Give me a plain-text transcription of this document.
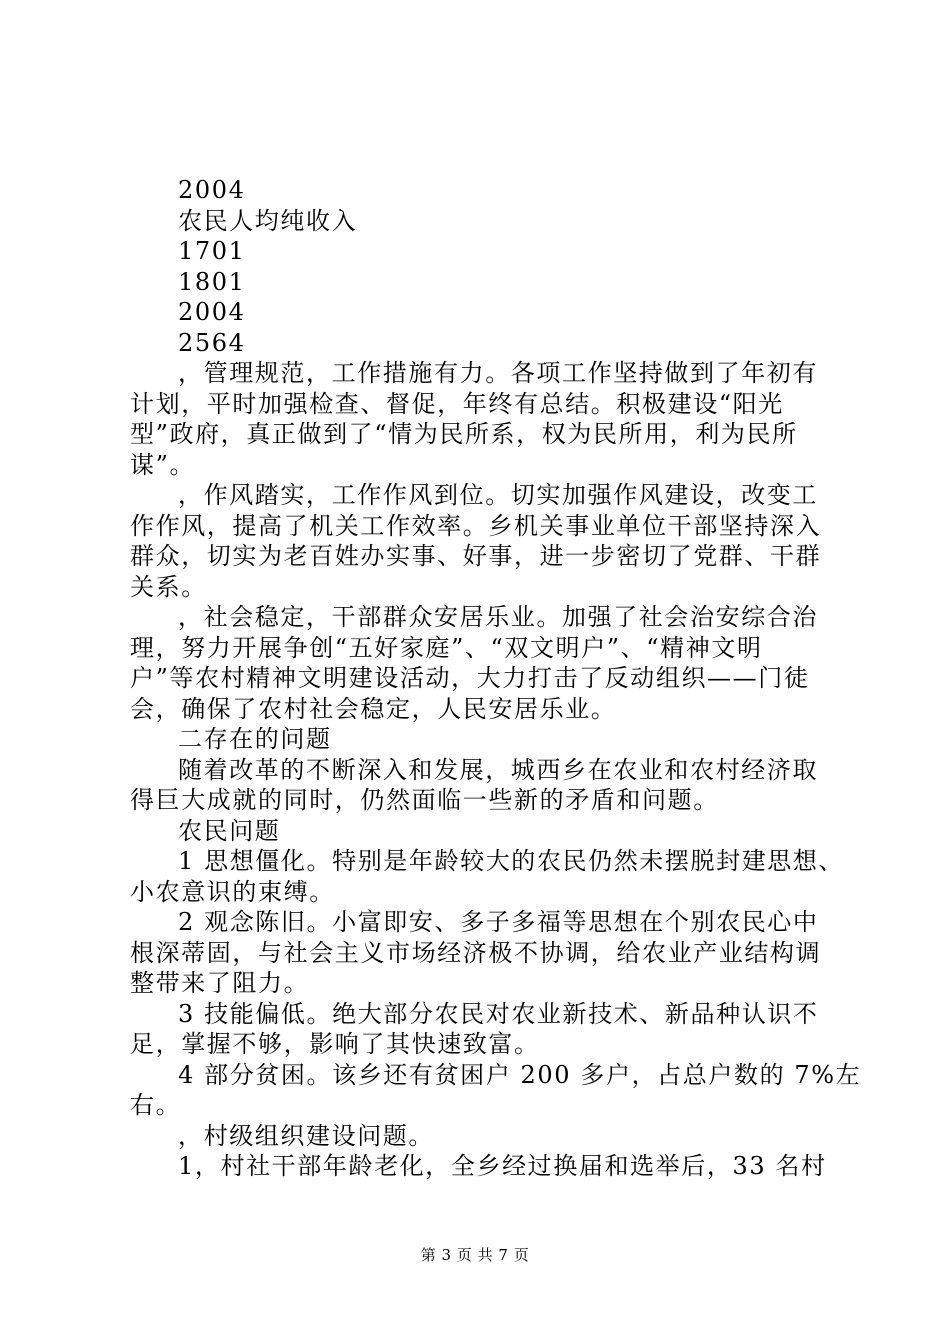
2004
农民人均纯收入
1701
1801
2004
2564
，管理规范，工作措施有力。各项工作坚持做到了年初有
计划，平时加强检查、督促，年终有总结。积极建设“阳光
型”政府，真正做到了“情为民所系，权为民所用，利为民所
谋”。
，作风踏实，工作作风到位。切实加强作风建设，改变工
作作风，提高了机关工作效率。乡机关事业单位干部坚持深入
群众，切实为老百姓办实事、好事，进一步密切了党群、干群
关系。
，社会稳定，干部群众安居乐业。加强了社会治安综合治
理，努力开展争创“五好家庭”、“双文明户”、“精神文明
户”等农村精神文明建设活动，大力打击了反动组织——门徒
会，确保了农村社会稳定，人民安居乐业。
二存在的问题
随着改革的不断深入和发展，城西乡在农业和农村经济取
得巨大成就的同时，仍然面临一些新的矛盾和问题。
农民问题
1 思想僵化。特别是年龄较大的农民仍然未摆脱封建思想、
小农意识的束缚。
2 观念陈旧。小富即安、多子多福等思想在个别农民心中
根深蒂固，与社会主义市场经济极不协调，给农业产业结构调
整带来了阻力。
3 技能偏低。绝大部分农民对农业新技术、新品种认识不
足，掌握不够，影响了其快速致富。
4 部分贫困。该乡还有贫困户 200 多户，占总户数的 7%左
右。
，村级组织建设问题。
1，村社干部年龄老化，全乡经过换届和选举后，33 名村
第 3 页 共 7 页
